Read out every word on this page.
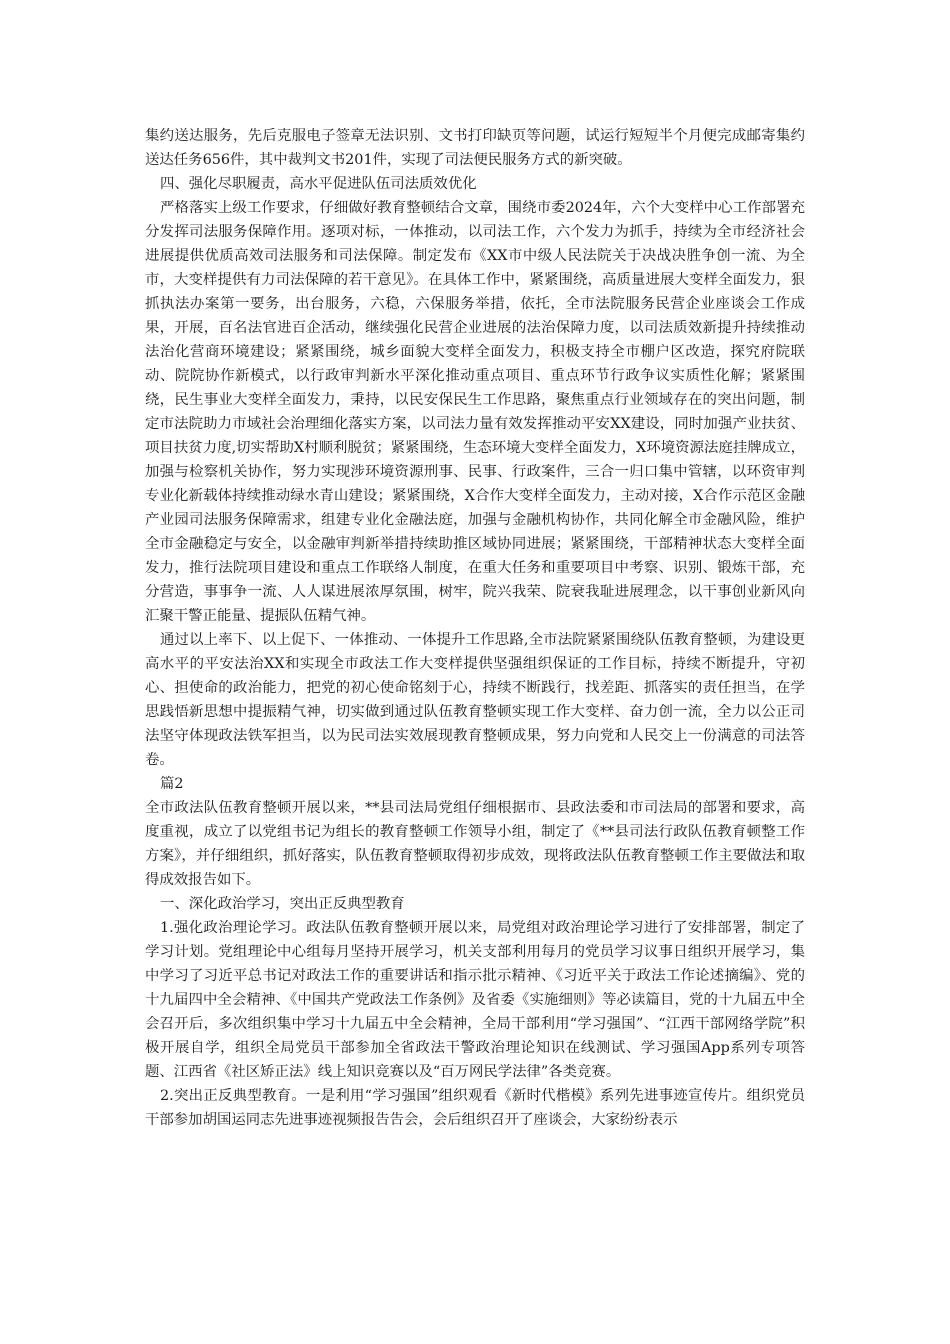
集约送达服务，先后克服电子签章无法识别、文书打印缺页等问题，试运行短短半个月便完成邮寄集约送达任务656件，其中裁判文书201件，实现了司法便民服务方式的新突破。

四、强化尽职履责，高水平促进队伍司法质效优化

严格落实上级工作要求，仔细做好教育整顿结合文章，围绕市委2024年，六个大变样中心工作部署充分发挥司法服务保障作用。逐项对标，一体推动，以司法工作，六个发力为抓手，持续为全市经济社会进展提供优质高效司法服务和司法保障。制定发布《XX市中级人民法院关于决战决胜争创一流、为全市，大变样提供有力司法保障的若干意见》。在具体工作中，紧紧围绕，高质量进展大变样全面发力，狠抓执法办案第一要务，出台服务，六稳，六保服务举措，依托，全市法院服务民营企业座谈会工作成果，开展，百名法官进百企活动，继续强化民营企业进展的法治保障力度，以司法质效新提升持续推动法治化营商环境建设；紧紧围绕，城乡面貌大变样全面发力，积极支持全市棚户区改造，探究府院联动、院院协作新模式，以行政审判新水平深化推动重点项目、重点环节行政争议实质性化解；紧紧围绕，民生事业大变样全面发力，秉持，以民安保民生工作思路，聚焦重点行业领域存在的突出问题，制定市法院助力市域社会治理细化落实方案，以司法力量有效发挥推动平安XX建设，同时加强产业扶贫、项目扶贫力度,切实帮助X村顺利脱贫；紧紧围绕，生态环境大变样全面发力，X环境资源法庭挂牌成立，加强与检察机关协作，努力实现涉环境资源刑事、民事、行政案件，三合一归口集中管辖，以环资审判专业化新载体持续推动绿水青山建设；紧紧围绕，X合作大变样全面发力，主动对接，X合作示范区金融产业园司法服务保障需求，组建专业化金融法庭，加强与金融机构协作，共同化解全市金融风险，维护全市金融稳定与安全，以金融审判新举措持续助推区域协同进展；紧紧围绕，干部精神状态大变样全面发力，推行法院项目建设和重点工作联络人制度，在重大任务和重要项目中考察、识别、锻炼干部，充分营造，事事争一流、人人谋进展浓厚氛围，树牢，院兴我荣、院衰我耻进展理念，以干事创业新风向汇聚干警正能量、提振队伍精气神。

通过以上率下、以上促下、一体推动、一体提升工作思路,全市法院紧紧围绕队伍教育整顿，为建设更高水平的平安法治XX和实现全市政法工作大变样提供坚强组织保证的工作目标，持续不断提升，守初心、担使命的政治能力，把党的初心使命铭刻于心，持续不断践行，找差距、抓落实的责任担当，在学思践悟新思想中提振精气神，切实做到通过队伍教育整顿实现工作大变样、奋力创一流，全力以公正司法坚守体现政法铁军担当，以为民司法实效展现教育整顿成果，努力向党和人民交上一份满意的司法答卷。

篇2

全市政法队伍教育整顿开展以来，**县司法局党组仔细根据市、县政法委和市司法局的部署和要求，高度重视，成立了以党组书记为组长的教育整顿工作领导小组，制定了《**县司法行政队伍教育顿整工作方案》，并仔细组织，抓好落实，队伍教育整顿取得初步成效，现将政法队伍教育整顿工作主要做法和取得成效报告如下。

一、深化政治学习，突出正反典型教育

1.强化政治理论学习。政法队伍教育整顿开展以来，局党组对政治理论学习进行了安排部署，制定了学习计划。党组理论中心组每月坚持开展学习，机关支部利用每月的党员学习议事日组织开展学习，集中学习了习近平总书记对政法工作的重要讲话和指示批示精神、《习近平关于政法工作论述摘编》、党的十九届四中全会精神、《中国共产党政法工作条例》及省委《实施细则》等必读篇目，党的十九届五中全会召开后，多次组织集中学习十九届五中全会精神，全局干部利用“学习强国”、“江西干部网络学院”积极开展自学，组织全局党员干部参加全省政法干警政治理论知识在线测试、学习强国App系列专项答题、江西省《社区矫正法》线上知识竞赛以及“百万网民学法律”各类竞赛。

2.突出正反典型教育。一是利用“学习强国”组织观看《新时代楷模》系列先进事迹宣传片。组织党员干部参加胡国运同志先进事迹视频报告告会，会后组织召开了座谈会，大家纷纷表示
